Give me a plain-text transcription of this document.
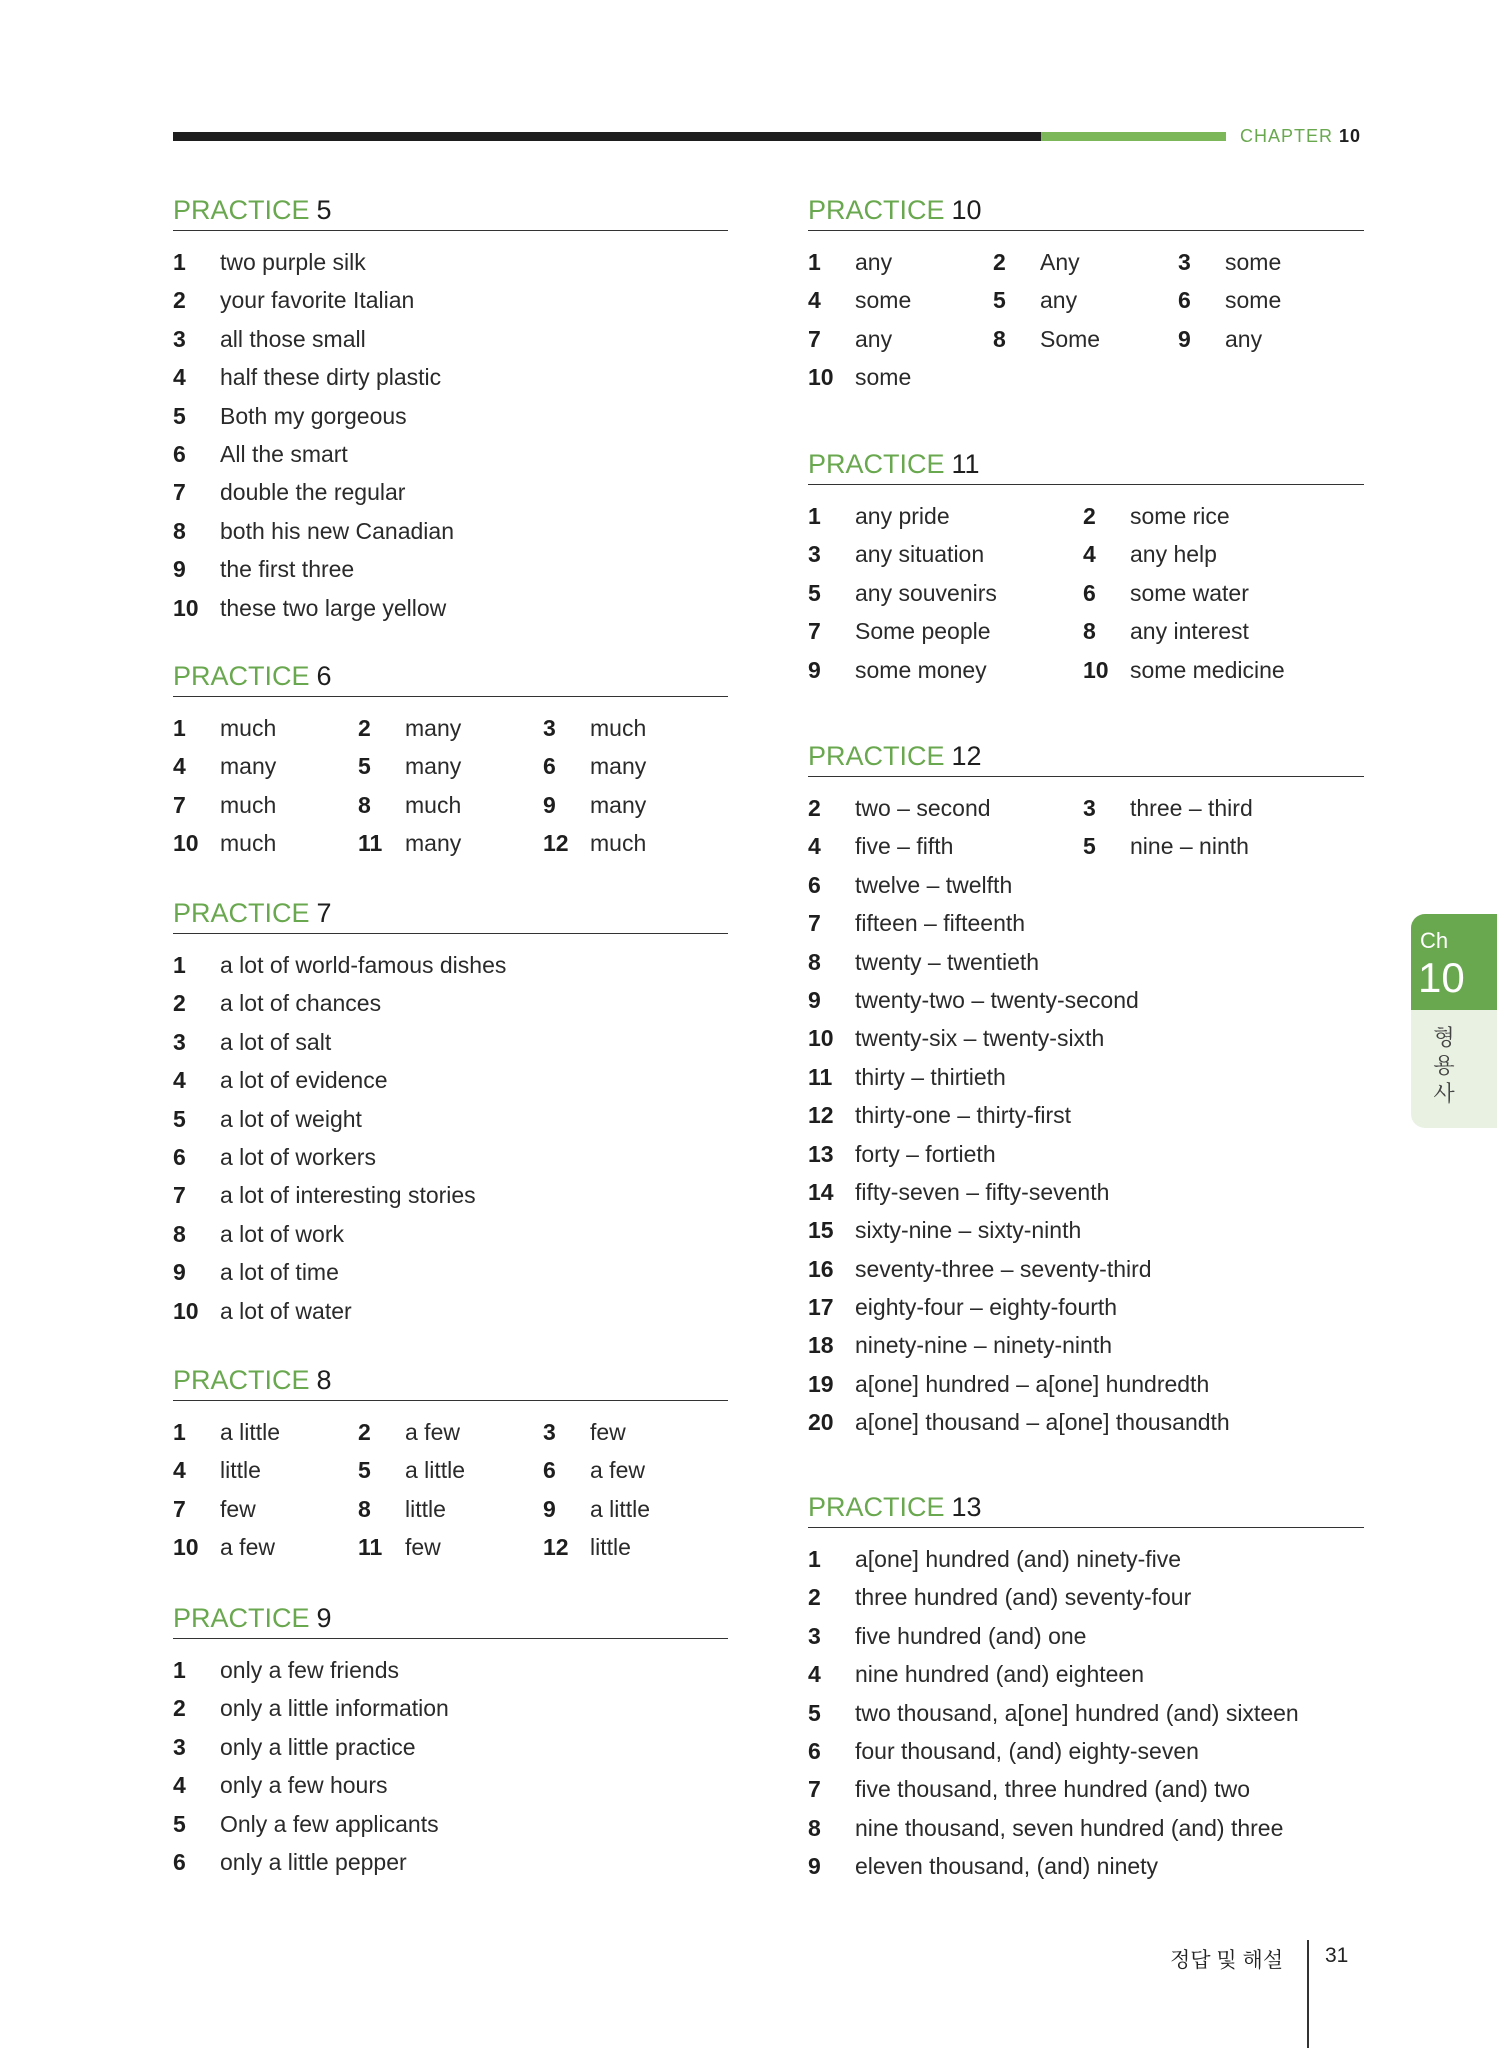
CHAPTER 10
PRACTICE 5
1 two purple silk
2 your favorite Italian
3 all those small
4 half these dirty plastic
5 Both my gorgeous
6 All the smart
7 double the regular
8 both his new Canadian
9 the first three
10 these two large yellow
PRACTICE 6
1 much	2 many	3 much
4 many	5 many	6 many
7 much	8 much	9 many
10 much	11 many	12 much
PRACTICE 7
1 a lot of world-famous dishes
2 a lot of chances
3 a lot of salt
4 a lot of evidence
5 a lot of weight
6 a lot of workers
7 a lot of interesting stories
8 a lot of work
9 a lot of time
10 a lot of water
PRACTICE 8
1 a little	2 a few	3 few
4 little	5 a little	6 a few
7 few	8 little	9 a little
10 a few	11 few	12 little
PRACTICE 9
1 only a few friends
2 only a little information
3 only a little practice
4 only a few hours
5 Only a few applicants
6 only a little pepper
PRACTICE 10
1 any	2 Any	3 some
4 some	5 any	6 some
7 any	8 Some	9 any
10 some
PRACTICE 11
1 any pride	2 some rice
3 any situation	4 any help
5 any souvenirs	6 some water
7 Some people	8 any interest
9 some money	10 some medicine
PRACTICE 12
2 two – second	3 three – third
4 five – fifth	5 nine – ninth
6 twelve – twelfth
7 fifteen – fifteenth
8 twenty – twentieth
9 twenty-two – twenty-second
10 twenty-six – twenty-sixth
11 thirty – thirtieth
12 thirty-one – thirty-first
13 forty – fortieth
14 fifty-seven – fifty-seventh
15 sixty-nine – sixty-ninth
16 seventy-three – seventy-third
17 eighty-four – eighty-fourth
18 ninety-nine – ninety-ninth
19 a[one] hundred – a[one] hundredth
20 a[one] thousand – a[one] thousandth
PRACTICE 13
1 a[one] hundred (and) ninety-five
2 three hundred (and) seventy-four
3 five hundred (and) one
4 nine hundred (and) eighteen
5 two thousand, a[one] hundred (and) sixteen
6 four thousand, (and) eighty-seven
7 five thousand, three hundred (and) two
8 nine thousand, seven hundred (and) three
9 eleven thousand, (and) ninety
Ch
10
형
용
사
정답 및 해설 31
